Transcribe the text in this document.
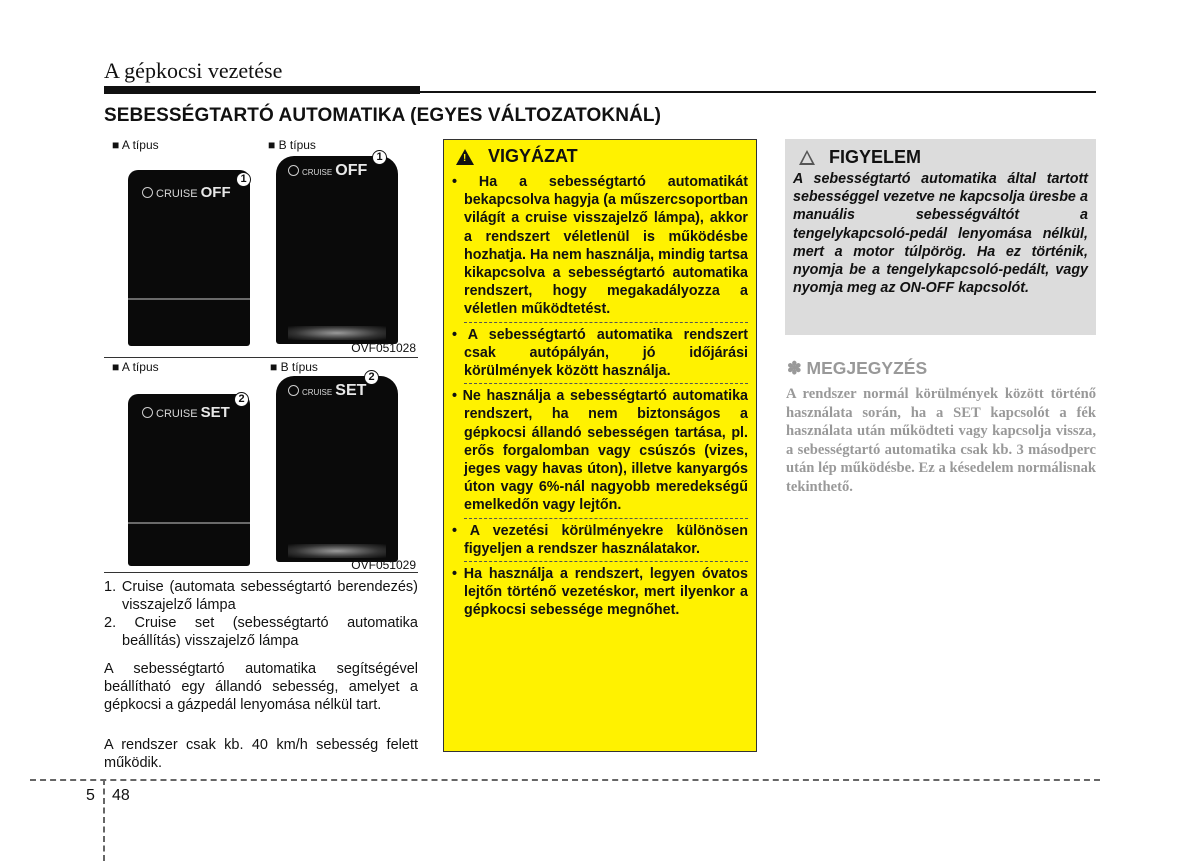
A gépkocsi vezetése
SEBESSÉGTARTÓ AUTOMATIKA (EGYES VÁLTOZATOKNÁL)
■ A típus	■ B típus
CRUISE OFF
1
CRUISE OFF
1
OVF051028
■ A típus	■ B típus
CRUISE SET
2
CRUISE SET
2
OVF051029
1. Cruise (automata sebességtartó berendezés) visszajelző lámpa
2. Cruise set (sebességtartó automatika beállítás) visszajelző lámpa

A sebességtartó automatika segítségével beállítható egy állandó sebesség, amelyet a gépkocsi a gázpedál lenyomása nélkül tart.

A rendszer csak kb. 40 km/h sebesség felett működik.

! VIGYÁZAT
• Ha a sebességtartó automatikát bekapcsolva hagyja (a műszercsoportban világít a cruise visszajelző lámpa), akkor a rendszert véletlenül is működésbe hozhatja. Ha nem használja, mindig tartsa kikapcsolva a sebességtartó automatika rendszert, hogy megakadályozza a véletlen működtetést.
• A sebességtartó automatika rendszert csak autópályán, jó időjárási körülmények között használja.
• Ne használja a sebességtartó automatika rendszert, ha nem biztonságos a gépkocsi állandó sebességen tartása, pl. erős forgalomban vagy csúszós (vizes, jeges vagy havas úton), illetve kanyargós úton vagy 6%-nál nagyobb meredekségű emelkedőn vagy lejtőn.
• A vezetési körülményekre különösen figyeljen a rendszer használatakor.
• Ha használja a rendszert, legyen óvatos lejtőn történő vezetéskor, mert ilyenkor a gépkocsi sebessége megnőhet.
FIGYELEM

A sebességtartó automatika által tartott sebességgel vezetve ne kapcsolja üresbe a manuális sebességváltót a tengelykapcsoló-pedál lenyomása nélkül, mert a motor túlpörög. Ha ez történik, nyomja be a tengelykapcsoló-pedált, vagy nyomja meg az ON-OFF kapcsolót.

✽ MEGJEGYZÉS

A rendszer normál körülmények között történő használata során, ha a SET kapcsolót a fék használata után működteti vagy kapcsolja vissza, a sebességtartó automatika csak kb. 3 másodperc után lép működésbe. Ez a késedelem normálisnak tekinthető.

5 48
